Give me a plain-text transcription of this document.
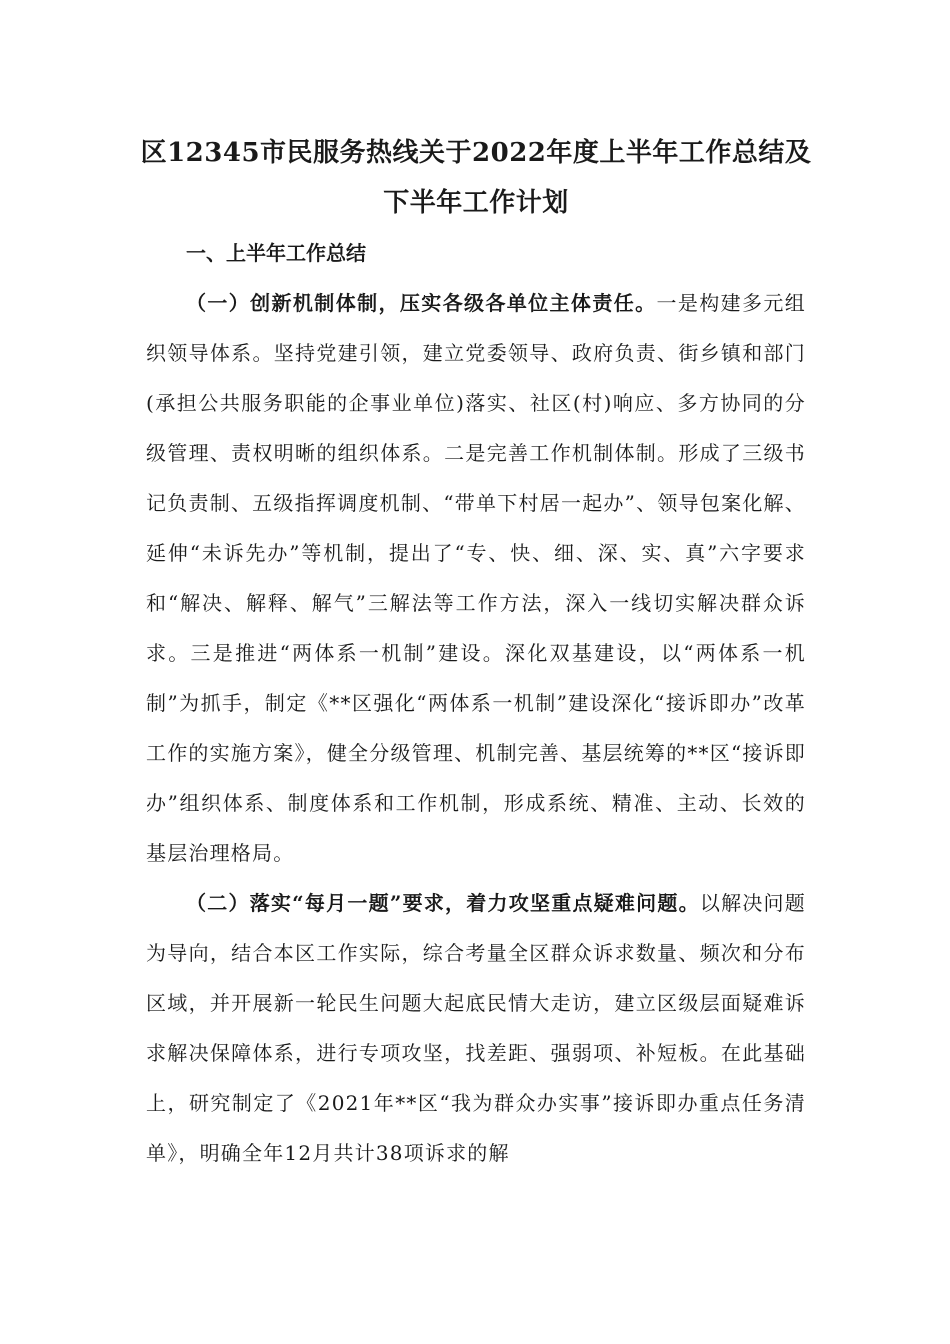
区12345市民服务热线关于2022年度上半年工作总结及下半年工作计划

一、上半年工作总结

（一）创新机制体制，压实各级各单位主体责任。一是构建多元组织领导体系。坚持党建引领，建立党委领导、政府负责、街乡镇和部门(承担公共服务职能的企事业单位)落实、社区(村)响应、多方协同的分级管理、责权明晰的组织体系。二是完善工作机制体制。形成了三级书记负责制、五级指挥调度机制、“带单下村居一起办”、领导包案化解、延伸“未诉先办”等机制，提出了“专、快、细、深、实、真”六字要求和“解决、解释、解气”三解法等工作方法，深入一线切实解决群众诉求。三是推进“两体系一机制”建设。深化双基建设，以“两体系一机制”为抓手，制定《**区强化“两体系一机制”建设深化“接诉即办”改革工作的实施方案》，健全分级管理、机制完善、基层统筹的**区“接诉即办”组织体系、制度体系和工作机制，形成系统、精准、主动、长效的基层治理格局。

（二）落实“每月一题”要求，着力攻坚重点疑难问题。以解决问题为导向，结合本区工作实际，综合考量全区群众诉求数量、频次和分布区域，并开展新一轮民生问题大起底民情大走访，建立区级层面疑难诉求解决保障体系，进行专项攻坚，找差距、强弱项、补短板。在此基础上，研究制定了《2021年**区“我为群众办实事”接诉即办重点任务清单》，明确全年12月共计38项诉求的解
